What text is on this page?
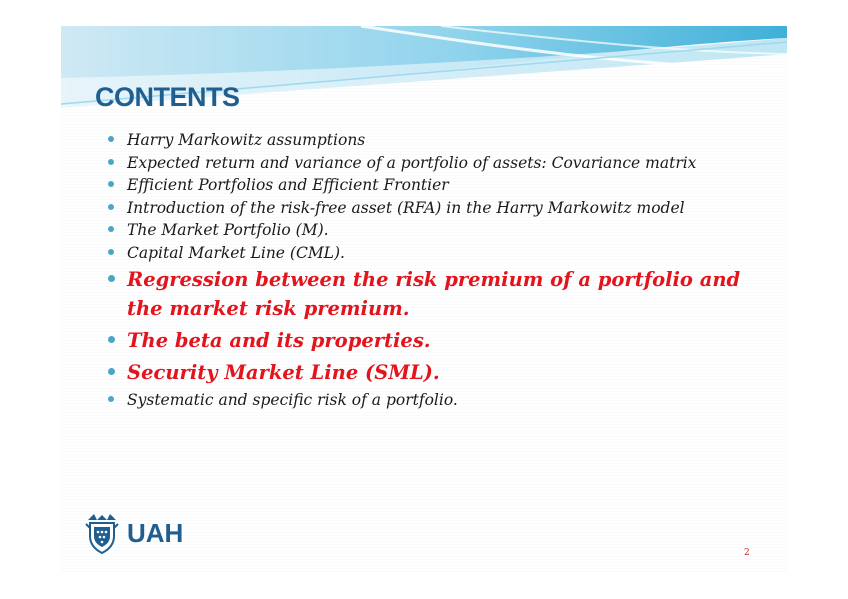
CONTENTS
Harry Markowitz assumptions
Expected return and variance of a portfolio of assets: Covariance matrix
Efficient Portfolios and Efficient Frontier
Introduction of the risk-free asset (RFA) in the Harry Markowitz model
The Market Portfolio (M).
Capital Market Line (CML).
Regression between the risk premium of a portfolio and the market risk premium.
The beta and its properties.
Security Market Line (SML).
Systematic and specific risk of a portfolio.
UAH
2
